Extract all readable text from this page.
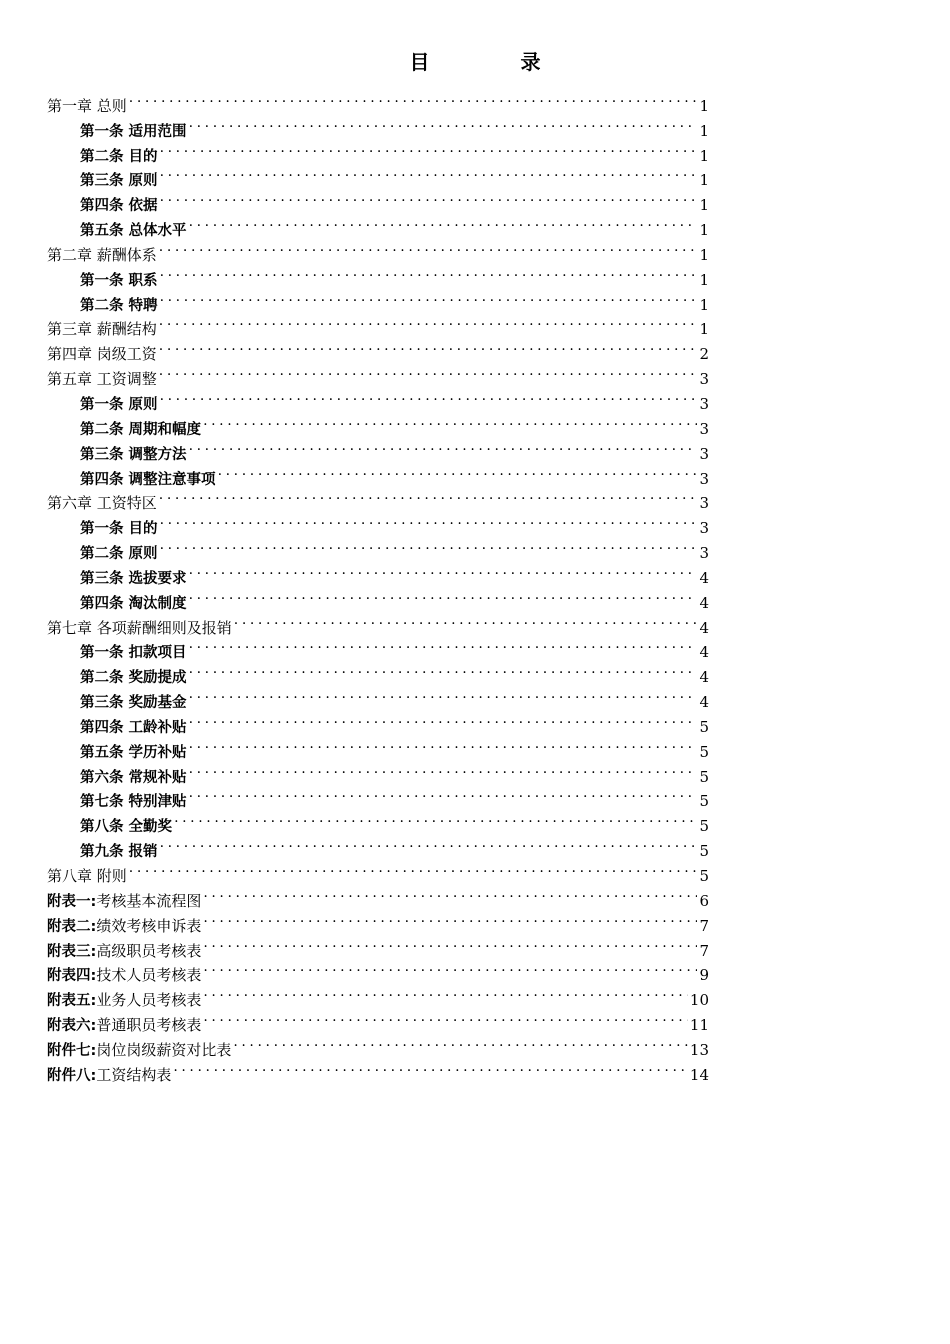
目 录
第一章 总则 .....	1
第一条 适用范围 .....	1
第二条 目的 .....	1
第三条 原则 .....	1
第四条 依据 .....	1
第五条 总体水平 .....	1
第二章 薪酬体系 .....	1
第一条 职系 .....	1
第二条 特聘 .....	1
第三章 薪酬结构 .....	1
第四章 岗级工资 .....	2
第五章 工资调整 .....	3
第一条 原则 .....	3
第二条 周期和幅度 .....	3
第三条 调整方法 .....	3
第四条 调整注意事项 .....	3
第六章 工资特区 .....	3
第一条 目的 .....	3
第二条 原则 .....	3
第三条 选拔要求 .....	4
第四条 淘汰制度 .....	4
第七章 各项薪酬细则及报销 .....	4
第一条 扣款项目 .....	4
第二条 奖励提成 .....	4
第三条 奖励基金 .....	4
第四条 工龄补贴 .....	5
第五条 学历补贴 .....	5
第六条 常规补贴 .....	5
第七条 特别津贴 .....	5
第八条 全勤奖 .....	5
第九条 报销 .....	5
第八章 附则 .....	5
附表一: 考核基本流程图 .....	6
附表二: 绩效考核申诉表 .....	7
附表三: 高级职员考核表 .....	7
附表四: 技术人员考核表 .....	9
附表五: 业务人员考核表 .....	10
附表六: 普通职员考核表 .....	11
附件七: 岗位岗级薪资对比表 .....	13
附件八: 工资结构表 .....	14
